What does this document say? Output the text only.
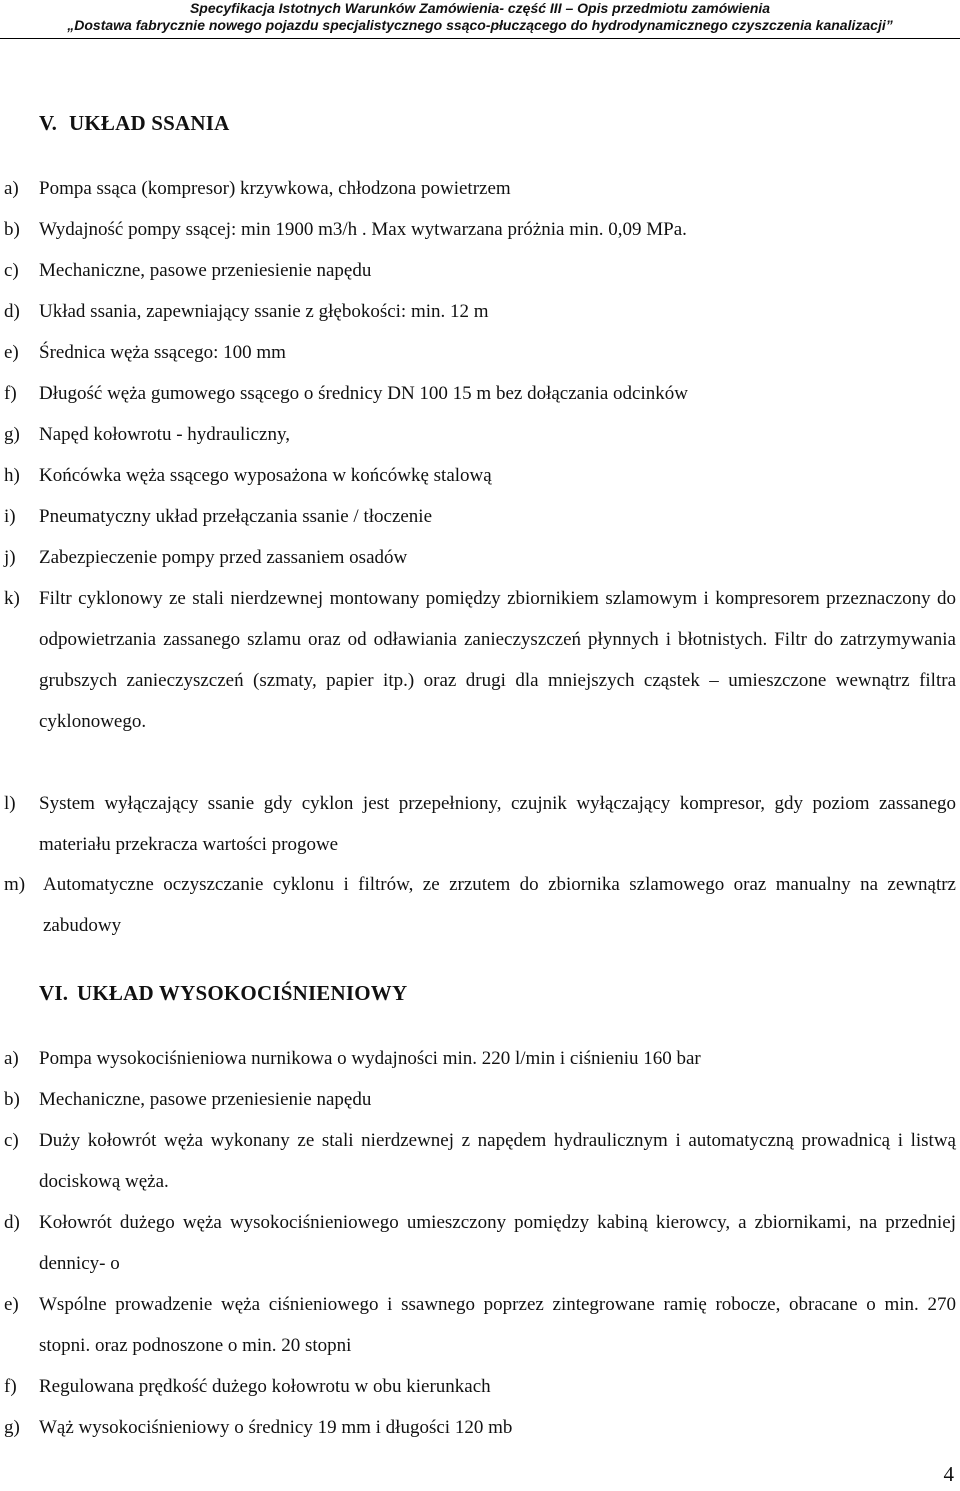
Specyfikacja Istotnych Warunków Zamówienia- część III – Opis przedmiotu zamówienia
„Dostawa fabrycznie nowego pojazdu specjalistycznego ssąco-płuczącego do hydrodynamicznego czyszczenia kanalizacji”
V. UKŁAD SSANIA
a) Pompa ssąca (kompresor) krzywkowa, chłodzona powietrzem
b) Wydajność pompy ssącej: min 1900 m3/h . Max wytwarzana próżnia min. 0,09 MPa.
c) Mechaniczne, pasowe przeniesienie napędu
d) Układ ssania, zapewniający ssanie z głębokości: min. 12 m
e) Średnica węża ssącego: 100 mm
f) Długość węża gumowego ssącego o średnicy DN 100 15 m bez dołączania odcinków
g) Napęd kołowrotu - hydrauliczny,
h) Końcówka węża ssącego wyposażona w końcówkę stalową
i) Pneumatyczny układ przełączania ssanie / tłoczenie
j) Zabezpieczenie pompy przed zassaniem osadów
k) Filtr cyklonowy ze stali nierdzewnej montowany pomiędzy zbiornikiem szlamowym i kompresorem przeznaczony do odpowietrzania zassanego szlamu oraz od odławiania zanieczyszczeń płynnych i błotnistych. Filtr do zatrzymywania grubszych zanieczyszczeń (szmaty, papier itp.) oraz drugi dla mniejszych cząstek – umieszczone wewnątrz filtra cyklonowego.
l) System wyłączający ssanie gdy cyklon jest przepełniony, czujnik wyłączający kompresor, gdy poziom zassanego materiału przekracza wartości progowe
m) Automatyczne oczyszczanie cyklonu i filtrów, ze zrzutem do zbiornika szlamowego oraz manualny na zewnątrz zabudowy
VI. UKŁAD WYSOKOCIŚNIENIOWY
a) Pompa wysokociśnieniowa nurnikowa o wydajności min. 220 l/min i ciśnieniu 160 bar
b) Mechaniczne, pasowe przeniesienie napędu
c) Duży kołowrót węża wykonany ze stali nierdzewnej z napędem hydraulicznym i automatyczną prowadnicą i listwą dociskową węża.
d) Kołowrót dużego węża wysokociśnieniowego umieszczony pomiędzy kabiną kierowcy, a zbiornikami, na przedniej dennicy- o
e) Wspólne prowadzenie węża ciśnieniowego i ssawnego poprzez zintegrowane ramię robocze, obracane o min. 270 stopni. oraz podnoszone o min. 20 stopni
f) Regulowana prędkość dużego kołowrotu w obu kierunkach
g) Wąż wysokociśnieniowy o średnicy 19 mm i długości 120 mb
4
